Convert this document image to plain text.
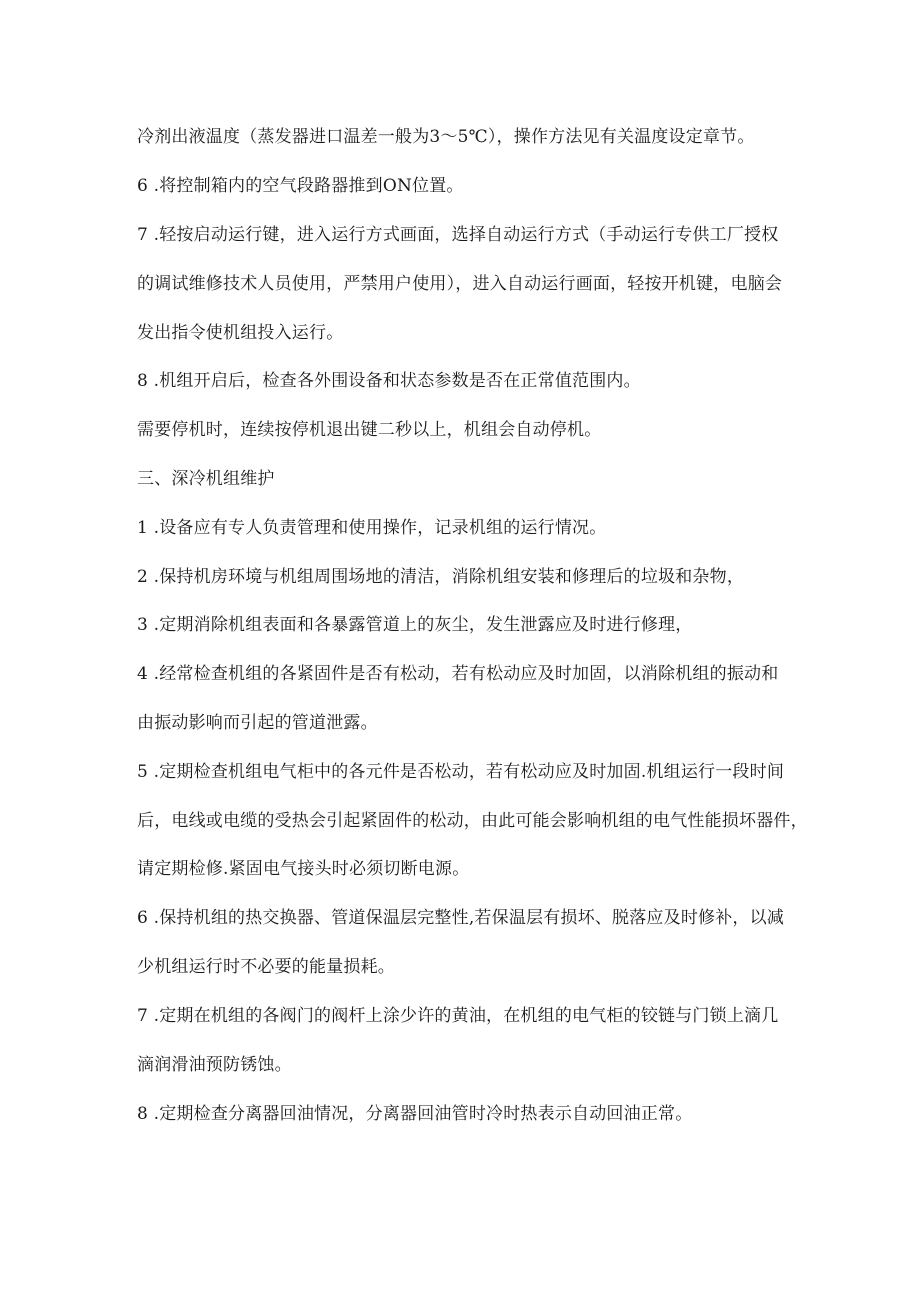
冷剂出液温度（蒸发器进口温差一般为3～5℃），操作方法见有关温度设定章节。
6 .将控制箱内的空气段路器推到ON位置。
7 .轻按启动运行键，进入运行方式画面，选择自动运行方式（手动运行专供工厂授权
的调试维修技术人员使用，严禁用户使用），进入自动运行画面，轻按开机键，电脑会
发出指令使机组投入运行。
8 .机组开启后，检查各外围设备和状态参数是否在正常值范围内。
需要停机时，连续按停机退出键二秒以上，机组会自动停机。
三、深冷机组维护
1 .设备应有专人负责管理和使用操作，记录机组的运行情况。
2 .保持机房环境与机组周围场地的清洁，消除机组安装和修理后的垃圾和杂物，
3 .定期消除机组表面和各暴露管道上的灰尘，发生泄露应及时进行修理，
4 .经常检查机组的各紧固件是否有松动，若有松动应及时加固，以消除机组的振动和
由振动影响而引起的管道泄露。
5 .定期检查机组电气柜中的各元件是否松动，若有松动应及时加固.机组运行一段时间
后，电线或电缆的受热会引起紧固件的松动，由此可能会影响机组的电气性能损坏器件，
请定期检修.紧固电气接头时必须切断电源。
6 .保持机组的热交换器、管道保温层完整性,若保温层有损坏、脱落应及时修补，以减
少机组运行时不必要的能量损耗。
7 .定期在机组的各阀门的阀杆上涂少许的黄油，在机组的电气柜的铰链与门锁上滴几
滴润滑油预防锈蚀。
8 .定期检查分离器回油情况，分离器回油管时冷时热表示自动回油正常。
